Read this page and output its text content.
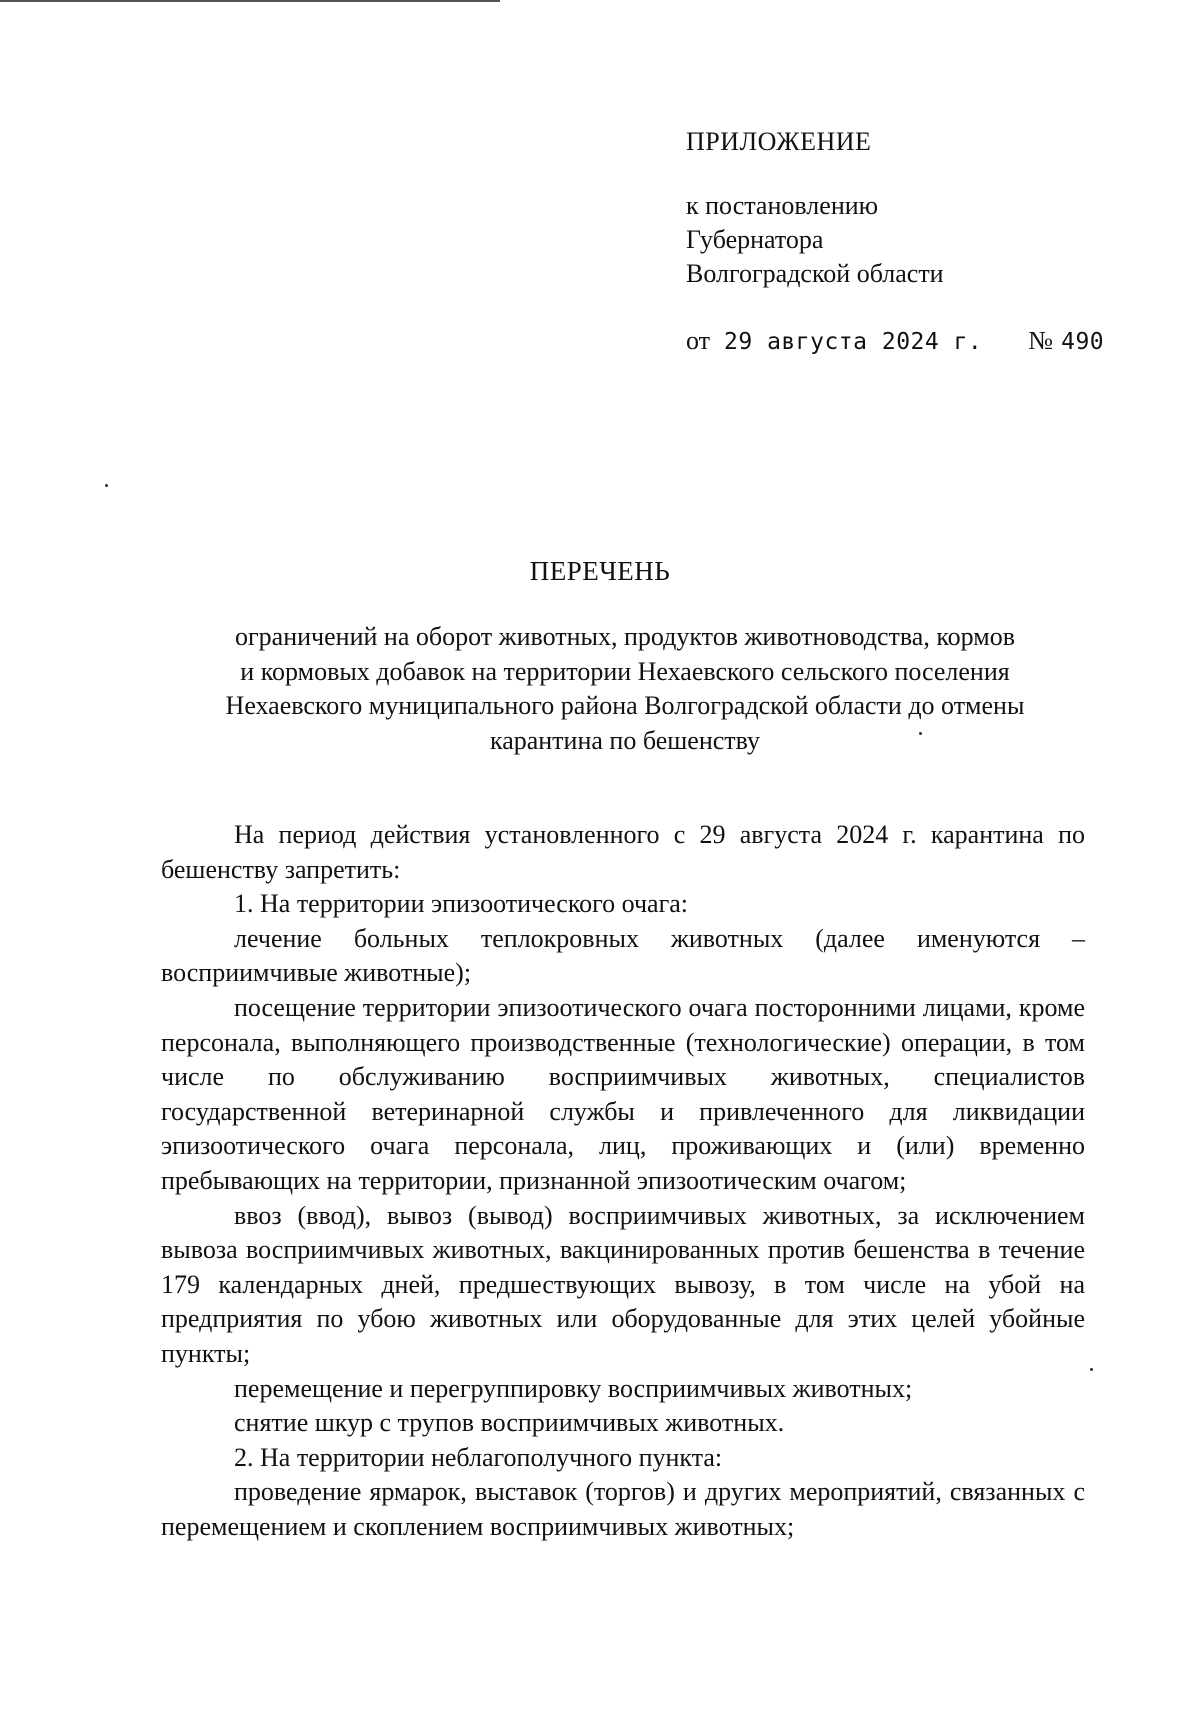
ПРИЛОЖЕНИЕ

к постановлению

Губернатора

Волгоградской области

от 29 августа 2024 г. № 490
ПЕРЕЧЕНЬ
ограничений на оборот животных, продуктов животноводства, кормов
и кормовых добавок на территории Нехаевского сельского поселения
Нехаевского муниципального района Волгоградской области до отмены
карантина по бешенству

На период действия установленного с 29 августа 2024 г. карантина по бешенству запретить:

1. На территории эпизоотического очага:

лечение больных теплокровных животных (далее именуются – восприимчивые животные);

посещение территории эпизоотического очага посторонними лицами, кроме персонала, выполняющего производственные (технологические) операции, в том числе по обслуживанию восприимчивых животных, специалистов государственной ветеринарной службы и привлеченного для ликвидации эпизоотического очага персонала, лиц, проживающих и (или) временно пребывающих на территории, признанной эпизоотическим очагом;

ввоз (ввод), вывоз (вывод) восприимчивых животных, за исключением вывоза восприимчивых животных, вакцинированных против бешенства в течение 179 календарных дней, предшествующих вывозу, в том числе на убой на предприятия по убою животных или оборудованные для этих целей убойные пункты;

перемещение и перегруппировку восприимчивых животных;

снятие шкур с трупов восприимчивых животных.

2. На территории неблагополучного пункта:

проведение ярмарок, выставок (торгов) и других мероприятий, связанных с перемещением и скоплением восприимчивых животных;
